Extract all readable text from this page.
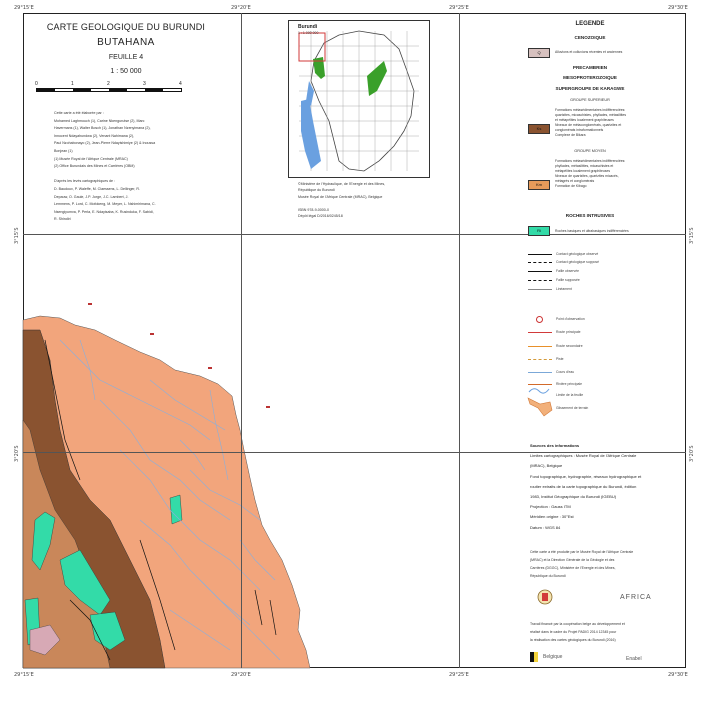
29°15'E	29°20'E	29°25'E	29°30'E
29°15'E	29°20'E	29°25'E	29°30'E
3°15'S
3°20'S
3°15'S
3°20'S
CARTE GEOLOGIQUE DU BURUNDI
BUTAHANA
FEUILLE 4
1 : 50 000
0	1	2	3	4
Cette carte a été élaborée par :
Mohamed Laghmouch (1), Carine Nkengurutse (2), Marc
Havermans (1), Walter Bosch (1), Jonathan Nzenyimana (2),
Innocent Ndayahundwa (2), Venant Nahimana (2),
Paul Nzohabonayo (2), Jean-Pierre Ndayishimiye (2) & Inoussa
Bonjean (1)
(1) Musée Royal de l'Afrique Centrale (MRAC)
(2) Office Burundais des Mines et Carrières (OBM)

D'après les levés cartographiques de :
D. Baudoux, P. Waleffe, M. Claessens, L. Dellinger, R.
Depauw, O. Gaule, J.P. Jorge, J.C. Lambert, J.
Lemmens, P. Lord, C. Mofokeng, M. Meyer, L. Nshimirimana, C.
Nsengiyumva, P. Perla, E. Ndayisaba, K. Rusinduka, F. Sabidi,
R. Shindiri
Burundi
1 : 1 000 000
©Ministère de l'Hydraulique, de l'Energie et des Mines,
République du Burundi
Musée Royal de l'Afrique Centrale (MRAC), Belgique

ISBN 978-9-0000-0
Dépôt légal D/2016/0245/18
LEGENDE
CENOZOIQUE
Q	Alluvions et colluvions récentes et anciennes
PRECAMBRIEN
MESOPROTEROZOIQUE
SUPERGROUPE DE KARAGWE
GROUPE SUPERIEUR
Ks
Formations métasédimentaires indifférenciées:
quartzites, micaschistes, phyllades, métasiltites
et métapélites localement graphiteuses
Niveaux de métaconglomérats, quartzites et
conglomérats intraformationnels
Complexe de Bikara
GROUPE MOYEN
Km
Formations métasédimentaires indifférenciées:
phyllades, métasiltites, micaschistes et
métapélites localement graphiteuses
Niveaux de quartzites, quartzites micacés,
métagrès et conglomérats
Formation de Kibago
ROCHES INTRUSIVES
Ri	Roches basiques et ultrabasiques indifférenciées
Contact géologique observé
Contact géologique supposé
Faille observée
Faille supposée
Linéament
Point d'observation
Route principale
Route secondaire
Piste
Cours d'eau
Rivière principale
Limite de la feuille
Glissement de terrain
Sources des informations
Limites cartographiques : Musée Royal de l'Afrique Centrale
(MRAC), Belgique
Fond topographique, hydrographie, réseaux hydrographique et
routier extraits de la carte topographique du Burundi, édition
1983, Institut Géographique du Burundi (IGEBU)
Projection : Gauss ITM
Méridien origine : 30°Est
Datum : WGS 84
Cette carte a été produite par le Musée Royal de l'Afrique Centrale
(MRAC) et la Direction Générale de la Géologie et des
Carrières (DGGC), Ministère de l'Energie et des Mines,
République du Burundi
AFRICA
Travail financé par la coopération belge au développement et
réalisé dans le cadre du Projet PADIG 2014 12345 pour
la réalisation des cartes géologiques du Burundi (2016)
Belgique	Enabel
